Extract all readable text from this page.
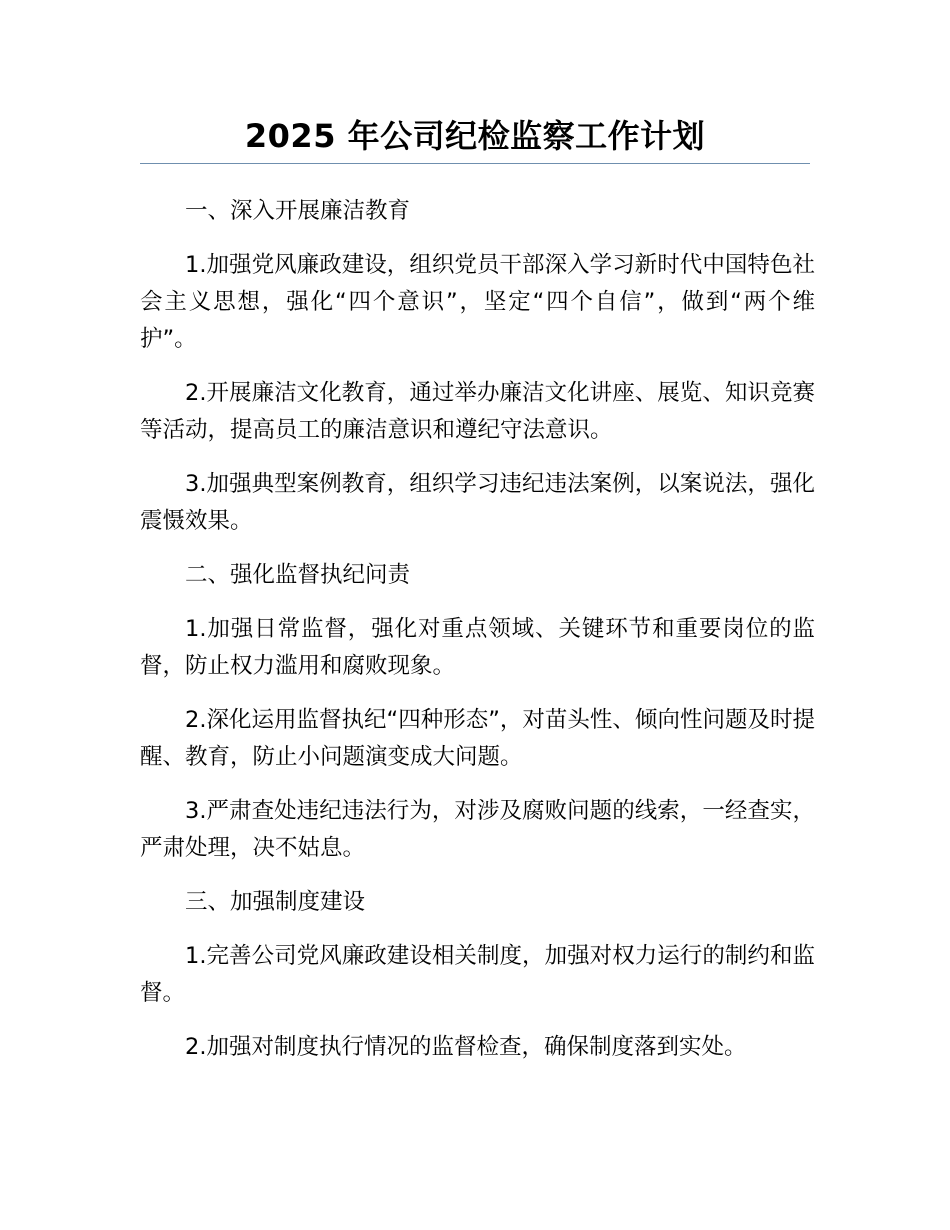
2025 年公司纪检监察工作计划

一、深入开展廉洁教育

1.加强党风廉政建设，组织党员干部深入学习新时代中国特色社会主义思想，强化“四个意识”，坚定“四个自信”，做到“两个维护”。

2.开展廉洁文化教育，通过举办廉洁文化讲座、展览、知识竞赛等活动，提高员工的廉洁意识和遵纪守法意识。

3.加强典型案例教育，组织学习违纪违法案例，以案说法，强化震慑效果。

二、强化监督执纪问责

1.加强日常监督，强化对重点领域、关键环节和重要岗位的监督，防止权力滥用和腐败现象。

2.深化运用监督执纪“四种形态”，对苗头性、倾向性问题及时提醒、教育，防止小问题演变成大问题。

3.严肃查处违纪违法行为，对涉及腐败问题的线索，一经查实，严肃处理，决不姑息。

三、加强制度建设

1.完善公司党风廉政建设相关制度，加强对权力运行的制约和监督。

2.加强对制度执行情况的监督检查，确保制度落到实处。
